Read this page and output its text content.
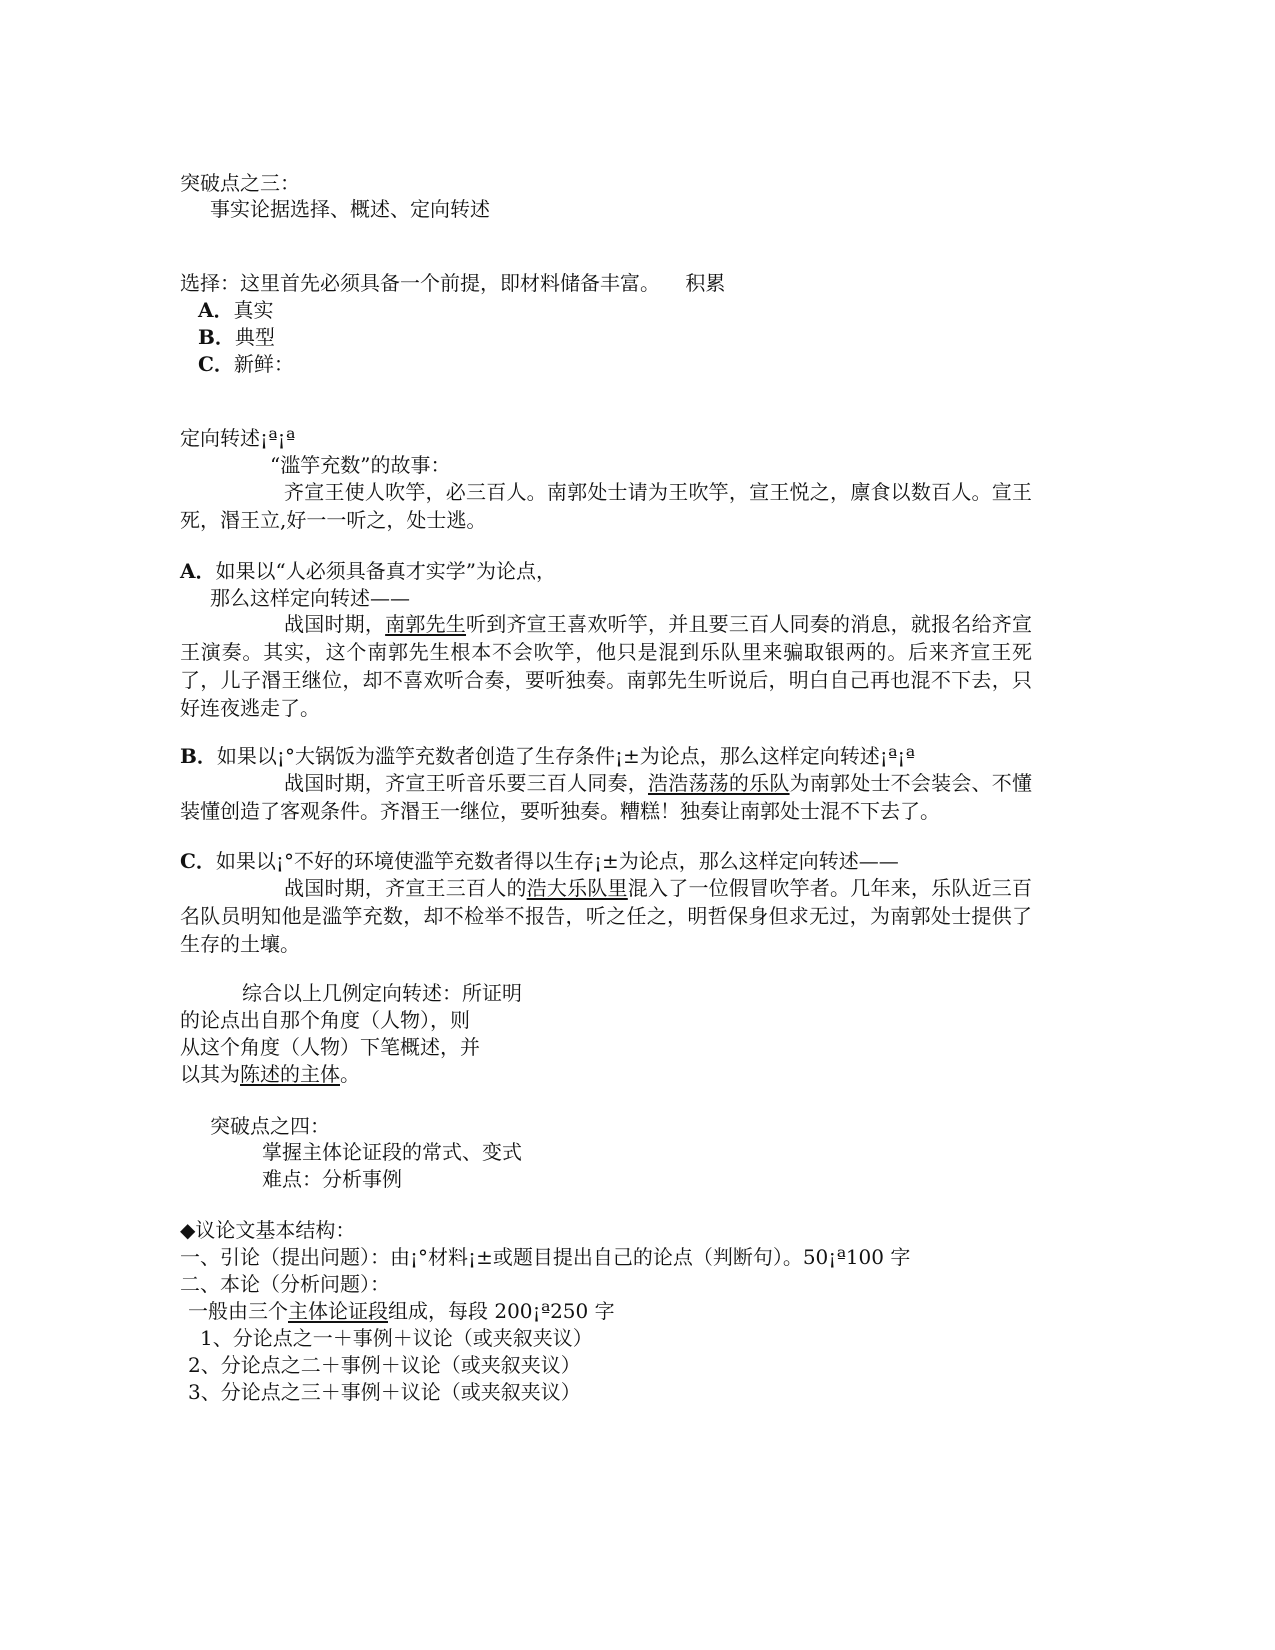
突破点之三：
事实论据选择、概述、定向转述
选择：这里首先必须具备一个前提，即材料储备丰富。    积累
A．真实
B．典型
C．新鲜：
定向转述¡ª¡ª
“滥竽充数”的故事：
齐宣王使人吹竽，必三百人。南郭处士请为王吹竽，宣王悦之，廪食以数百人。宣王死，湣王立,好一一听之，处士逃。
A．如果以“人必须具备真才实学”为论点，
那么这样定向转述——
战国时期，南郭先生听到齐宣王喜欢听竽，并且要三百人同奏的消息，就报名给齐宣王演奏。其实，这个南郭先生根本不会吹竽，他只是混到乐队里来骗取银两的。后来齐宣王死了，儿子湣王继位，却不喜欢听合奏，要听独奏。南郭先生听说后，明白自己再也混不下去，只好连夜逃走了。
B．如果以¡°大锅饭为滥竽充数者创造了生存条件¡±为论点，那么这样定向转述¡ª¡ª
战国时期，齐宣王听音乐要三百人同奏，浩浩荡荡的乐队为南郭处士不会装会、不懂装懂创造了客观条件。齐湣王一继位，要听独奏。糟糕！独奏让南郭处士混不下去了。
C．如果以¡°不好的环境使滥竽充数者得以生存¡±为论点，那么这样定向转述——
战国时期，齐宣王三百人的浩大乐队里混入了一位假冒吹竽者。几年来，乐队近三百名队员明知他是滥竽充数，却不检举不报告，听之任之，明哲保身但求无过，为南郭处士提供了生存的土壤。
综合以上几例定向转述：所证明
的论点出自那个角度（人物），则
从这个角度（人物）下笔概述，并
以其为陈述的主体。
突破点之四：
掌握主体论证段的常式、变式
难点：分析事例
◆议论文基本结构：
一、引论（提出问题）：由¡°材料¡±或题目提出自己的论点（判断句）。50¡ª100 字
二、本论（分析问题）：
一般由三个主体论证段组成，每段 200¡ª250 字
1、分论点之一＋事例＋议论（或夹叙夹议）
2、分论点之二＋事例＋议论（或夹叙夹议）
3、分论点之三＋事例＋议论（或夹叙夹议）
